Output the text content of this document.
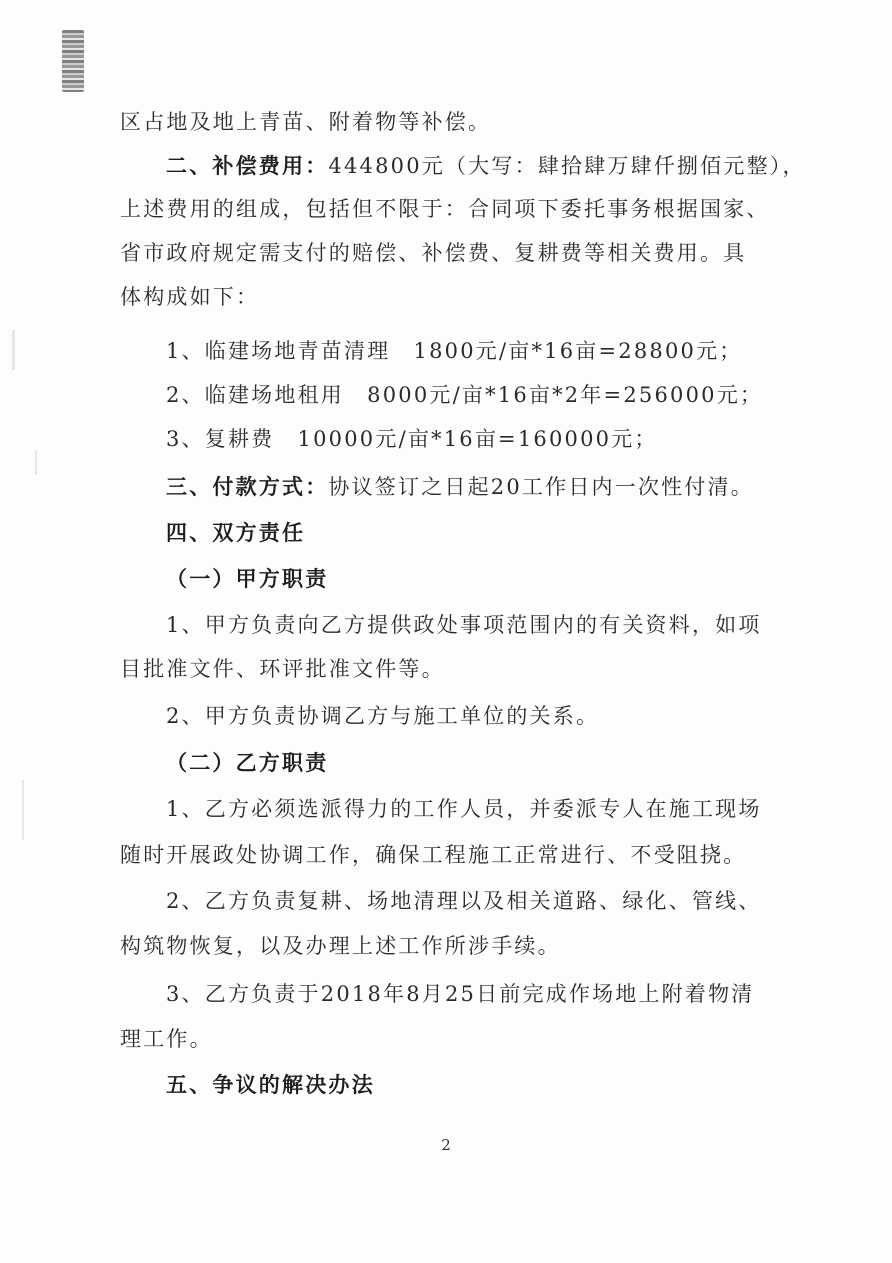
区占地及地上青苗、附着物等补偿。
二、补偿费用：444800元（大写：肆拾肆万肆仟捌佰元整），
上述费用的组成，包括但不限于：合同项下委托事务根据国家、
省市政府规定需支付的赔偿、补偿费、复耕费等相关费用。具
体构成如下：
1、临建场地青苗清理　1800元/亩*16亩=28800元；
2、临建场地租用　8000元/亩*16亩*2年=256000元；
3、复耕费　10000元/亩*16亩=160000元；
三、付款方式：协议签订之日起20工作日内一次性付清。
四、双方责任
（一）甲方职责
1、甲方负责向乙方提供政处事项范围内的有关资料，如项
目批准文件、环评批准文件等。
2、甲方负责协调乙方与施工单位的关系。
（二）乙方职责
1、乙方必须选派得力的工作人员，并委派专人在施工现场
随时开展政处协调工作，确保工程施工正常进行、不受阻挠。
2、乙方负责复耕、场地清理以及相关道路、绿化、管线、
构筑物恢复，以及办理上述工作所涉手续。
3、乙方负责于2018年8月25日前完成作场地上附着物清
理工作。
五、争议的解决办法
2
